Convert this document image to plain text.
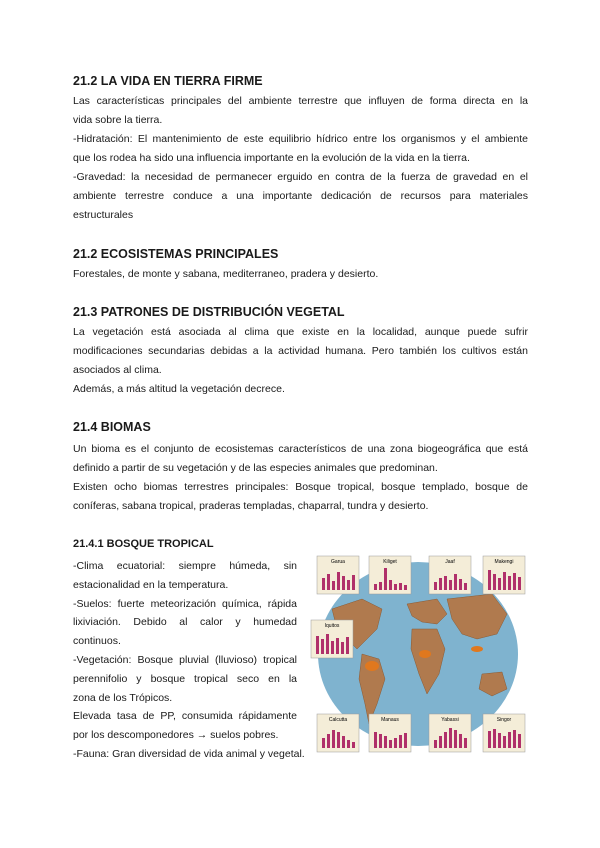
21.2 LA VIDA EN TIERRA FIRME
Las características principales del ambiente terrestre que influyen de forma directa en la
vida sobre la tierra.
-Hidratación: El mantenimiento de este equilibrio hídrico entre los organismos y el ambiente
que los rodea ha sido una influencia importante en la evolución de la vida en la tierra.
-Gravedad: la necesidad de permanecer erguido en contra de la fuerza de gravedad en el
ambiente terrestre conduce a una importante dedicación de recursos para materiales
estructurales
21.2 ECOSISTEMAS PRINCIPALES
Forestales, de monte y sabana, mediterraneo, pradera y desierto.
21.3 PATRONES DE DISTRIBUCIÓN VEGETAL
La vegetación está asociada al clima que existe en la localidad, aunque puede sufrir
modificaciones secundarias debidas a la actividad humana. Pero también los cultivos están
asociados al clima.
Además, a más altitud la vegetación decrece.
21.4 BIOMAS
Un bioma es el conjunto de ecosistemas característicos de una zona biogeográfica que está
definido a partir de su vegetación y de las especies animales que predominan.
Existen ocho biomas terrestres principales: Bosque tropical, bosque templado, bosque de
coníferas, sabana tropical, praderas templadas, chaparral, tundra y desierto.
21.4.1 BOSQUE TROPICAL
-Clima ecuatorial: siempre húmeda, sin
estacionalidad en la temperatura.
-Suelos: fuerte meteorización química, rápida
lixiviación. Debido al calor y humedad
continuos.
-Vegetación: Bosque pluvial (lluvioso) tropical
perennifolio y bosque tropical seco en la
zona de los Trópicos.
Elevada tasa de PP, consumida rápidamente
por los descomponedores → suelos pobres.
-Fauna: Gran diversidad de vida animal y vegetal.
Garua	Kiliget	Jaaf	Makengi
Iquitos
Calcutta	Manaus	Yabassi	Singor
